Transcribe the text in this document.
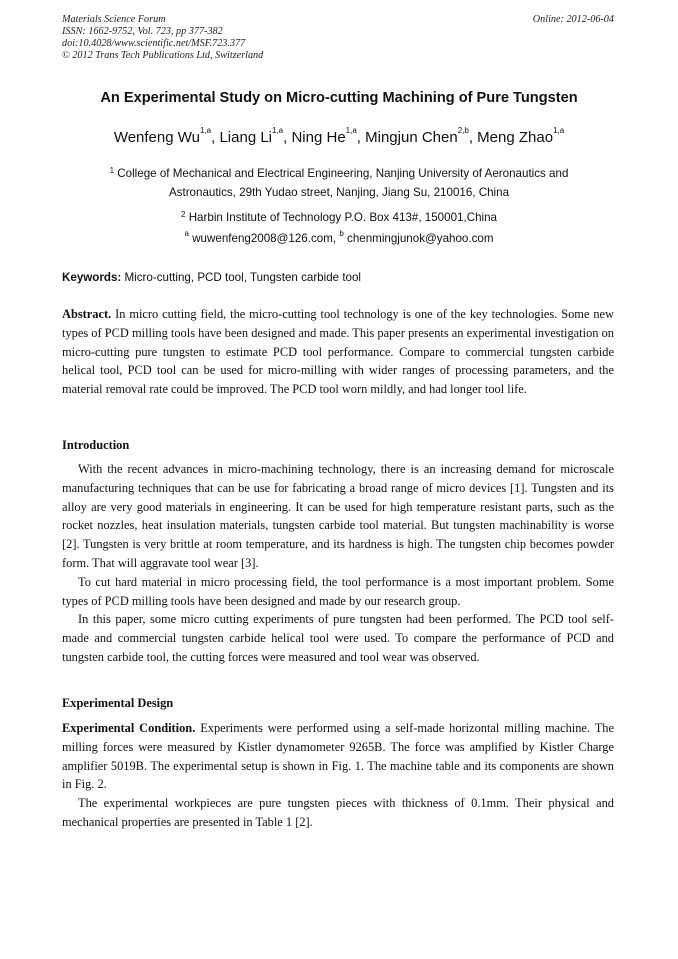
Materials Science Forum
ISSN: 1662-9752, Vol. 723, pp 377-382
doi:10.4028/www.scientific.net/MSF.723.377
© 2012 Trans Tech Publications Ltd, Switzerland
Online: 2012-06-04
An Experimental Study on Micro-cutting Machining of Pure Tungsten
Wenfeng Wu$^{1,a}$, Liang Li$^{1,a}$, Ning He$^{1,a}$, Mingjun Chen$^{2,b}$, Meng Zhao$^{1,a}$
$^1$ College of Mechanical and Electrical Engineering, Nanjing University of Aeronautics and
Astronautics, 29th Yudao street, Nanjing, Jiang Su, 210016, China
$^2$ Harbin Institute of Technology P.O. Box 413#, 150001,China
$^a$ wuwenfeng2008@126.com, $^b$ chenmingjunok@yahoo.com
Keywords: Micro-cutting, PCD tool, Tungsten carbide tool
Abstract. In micro cutting field, the micro-cutting tool technology is one of the key technologies. Some new types of PCD milling tools have been designed and made. This paper presents an experimental investigation on micro-cutting pure tungsten to estimate PCD tool performance. Compare to commercial tungsten carbide helical tool, PCD tool can be used for micro-milling with wider ranges of processing parameters, and the material removal rate could be improved. The PCD tool worn mildly, and had longer tool life.
Introduction
With the recent advances in micro-machining technology, there is an increasing demand for microscale manufacturing techniques that can be use for fabricating a broad range of micro devices [1]. Tungsten and its alloy are very good materials in engineering. It can be used for high temperature resistant parts, such as the rocket nozzles, heat insulation materials, tungsten carbide tool material. But tungsten machinability is worse [2]. Tungsten is very brittle at room temperature, and its hardness is high. The tungsten chip becomes powder form. That will aggravate tool wear [3].
To cut hard material in micro processing field, the tool performance is a most important problem. Some types of PCD milling tools have been designed and made by our research group.
In this paper, some micro cutting experiments of pure tungsten had been performed. The PCD tool self-made and commercial tungsten carbide helical tool were used. To compare the performance of PCD and tungsten carbide tool, the cutting forces were measured and tool wear was observed.
Experimental Design
Experimental Condition. Experiments were performed using a self-made horizontal milling machine. The milling forces were measured by Kistler dynamometer 9265B. The force was amplified by Kistler Charge amplifier 5019B. The experimental setup is shown in Fig. 1. The machine table and its components are shown in Fig. 2.
The experimental workpieces are pure tungsten pieces with thickness of 0.1mm. Their physical and mechanical properties are presented in Table 1 [2].
